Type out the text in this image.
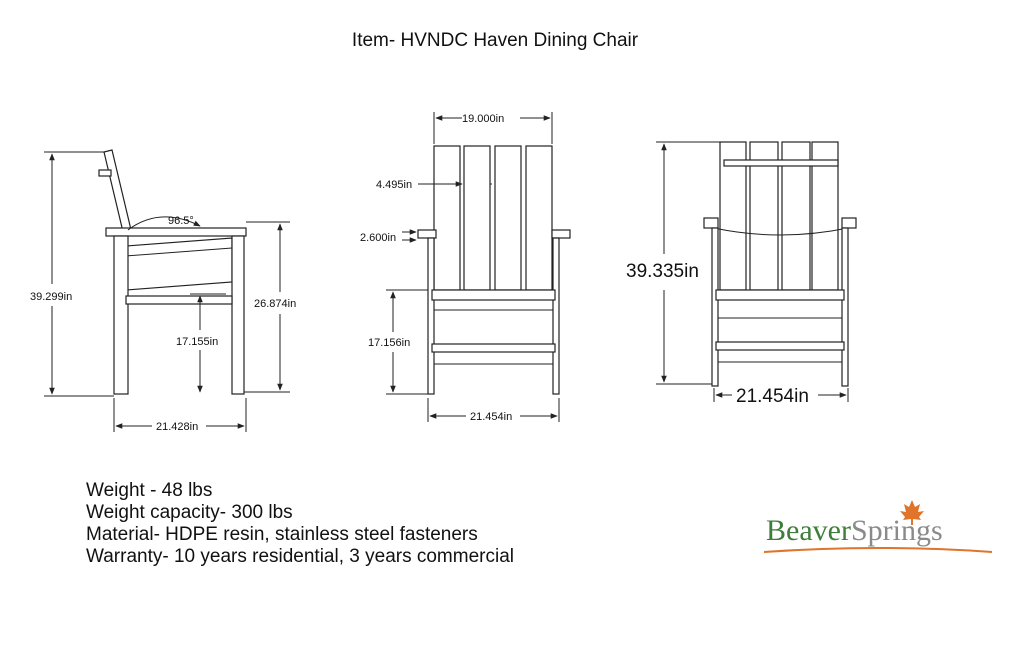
Item- HVNDC Haven Dining Chair
96.5°
39.299in
26.874in
17.155in
21.428in
19.000in
4.495in
2.600in
17.156in
21.454in
39.335in
21.454in
Weight - 48 lbs
Weight capacity- 300 lbs
Material- HDPE resin, stainless steel fasteners
Warranty- 10 years residential, 3 years commercial
BeaverSprings
